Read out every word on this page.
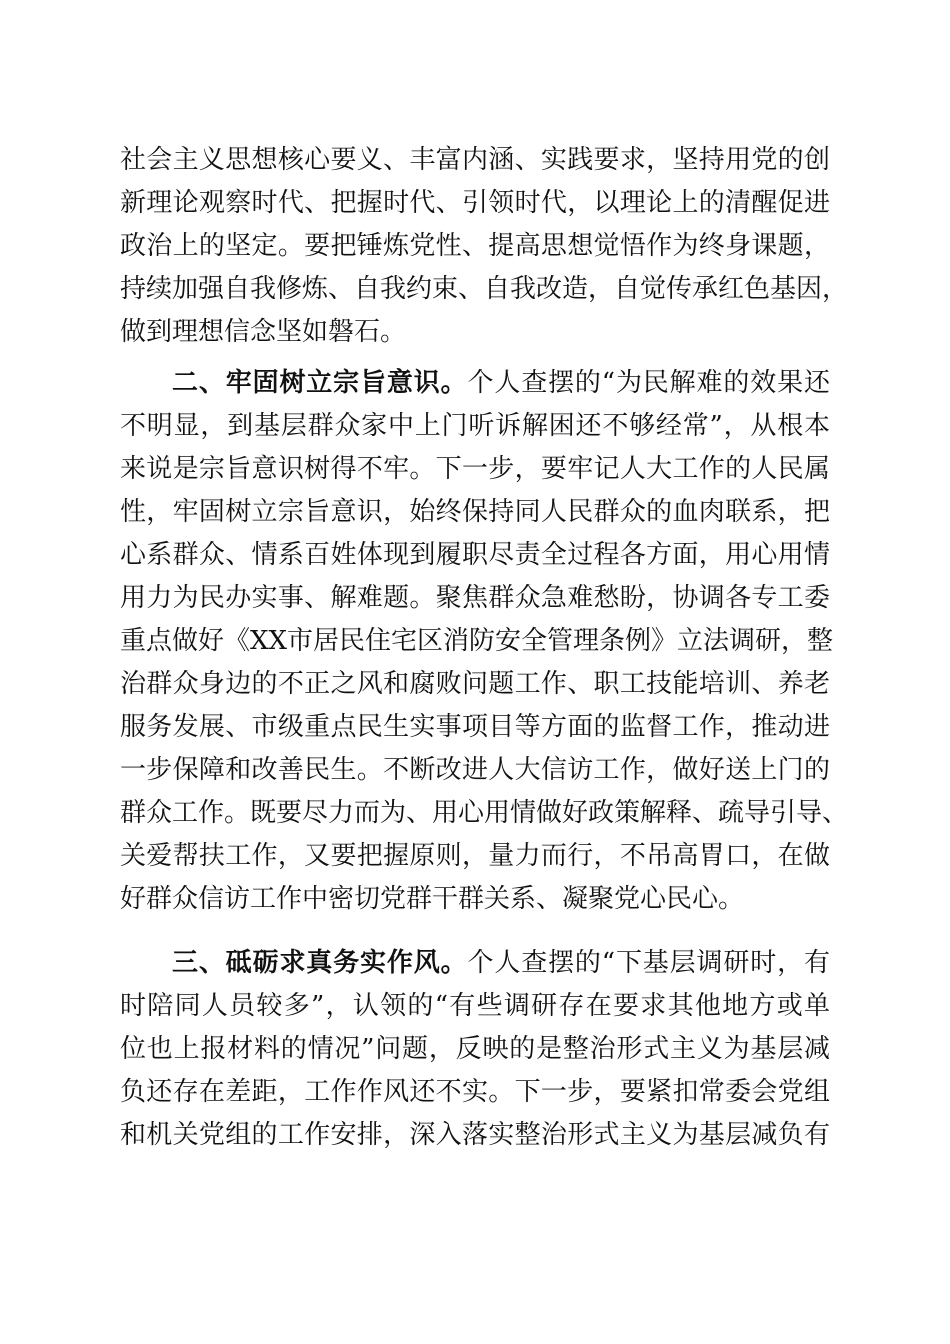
社会主义思想核心要义、丰富内涵、实践要求，坚持用党的创
新理论观察时代、把握时代、引领时代，以理论上的清醒促进
政治上的坚定。要把锤炼党性、提高思想觉悟作为终身课题，
持续加强自我修炼、自我约束、自我改造，自觉传承红色基因，
做到理想信念坚如磐石。
二、牢固树立宗旨意识。个人查摆的“为民解难的效果还
不明显，到基层群众家中上门听诉解困还不够经常”，从根本
来说是宗旨意识树得不牢。下一步，要牢记人大工作的人民属
性，牢固树立宗旨意识，始终保持同人民群众的血肉联系，把
心系群众、情系百姓体现到履职尽责全过程各方面，用心用情
用力为民办实事、解难题。聚焦群众急难愁盼，协调各专工委
重点做好《XX市居民住宅区消防安全管理条例》立法调研，整
治群众身边的不正之风和腐败问题工作、职工技能培训、养老
服务发展、市级重点民生实事项目等方面的监督工作，推动进
一步保障和改善民生。不断改进人大信访工作，做好送上门的
群众工作。既要尽力而为、用心用情做好政策解释、疏导引导、
关爱帮扶工作，又要把握原则，量力而行，不吊高胃口，在做
好群众信访工作中密切党群干群关系、凝聚党心民心。
三、砥砺求真务实作风。个人查摆的“下基层调研时，有
时陪同人员较多”，认领的“有些调研存在要求其他地方或单
位也上报材料的情况”问题，反映的是整治形式主义为基层减
负还存在差距，工作作风还不实。下一步，要紧扣常委会党组
和机关党组的工作安排，深入落实整治形式主义为基层减负有
